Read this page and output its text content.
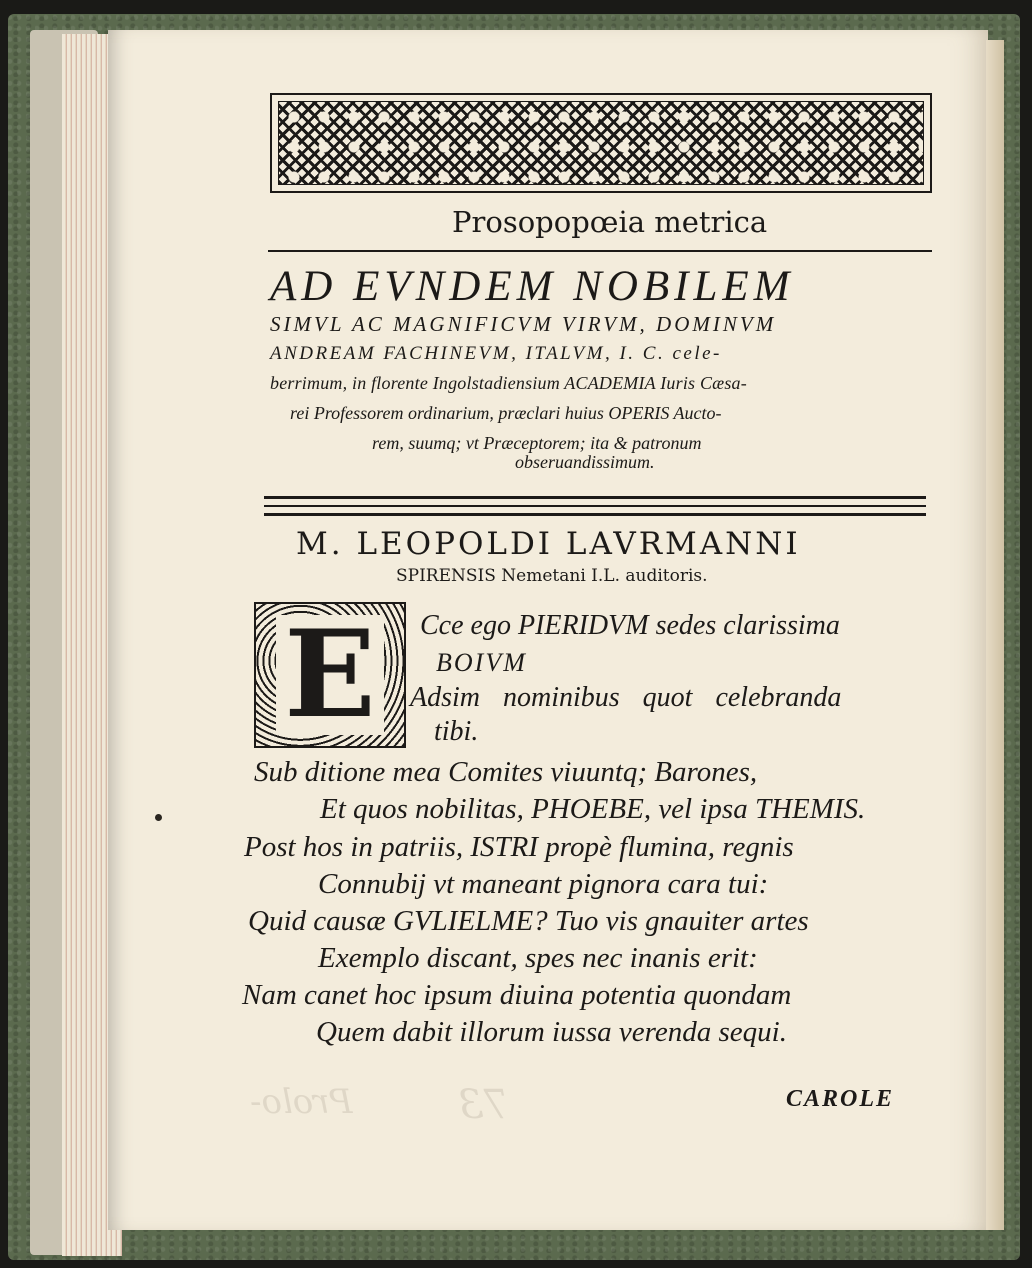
Prolo-	73
Prosopopœia metrica
AD EVNDEM NOBILEM
SIMVL AC MAGNIFICVM VIRVM, DOMINVM
ANDREAM FACHINEVM, ITALVM, I. C. cele-
berrimum, in florente Ingolstadiensium ACADEMIA Iuris Cæsa-
rei Professorem ordinarium, præclari huius OPERIS Aucto-
rem, suumq; vt Præceptorem; ita & patronum
obseruandissimum.
M. LEOPOLDI LAVRMANNI
SPIRENSIS Nemetani I.L. auditoris.
E Cce ego PIERIDVM sedes clarissima
BOIVM
Adsim nominibus quot celebranda
tibi.
Sub ditione mea Comites viuuntq; Barones,
Et quos nobilitas, PHOEBE, vel ipsa THEMIS.
Post hos in patriis, ISTRI propè flumina, regnis
Connubij vt maneant pignora cara tui:
Quid causæ GVLIELME? Tuo vis gnauiter artes
Exemplo discant, spes nec inanis erit:
Nam canet hoc ipsum diuina potentia quondam
Quem dabit illorum iussa verenda sequi.
CAROLE
